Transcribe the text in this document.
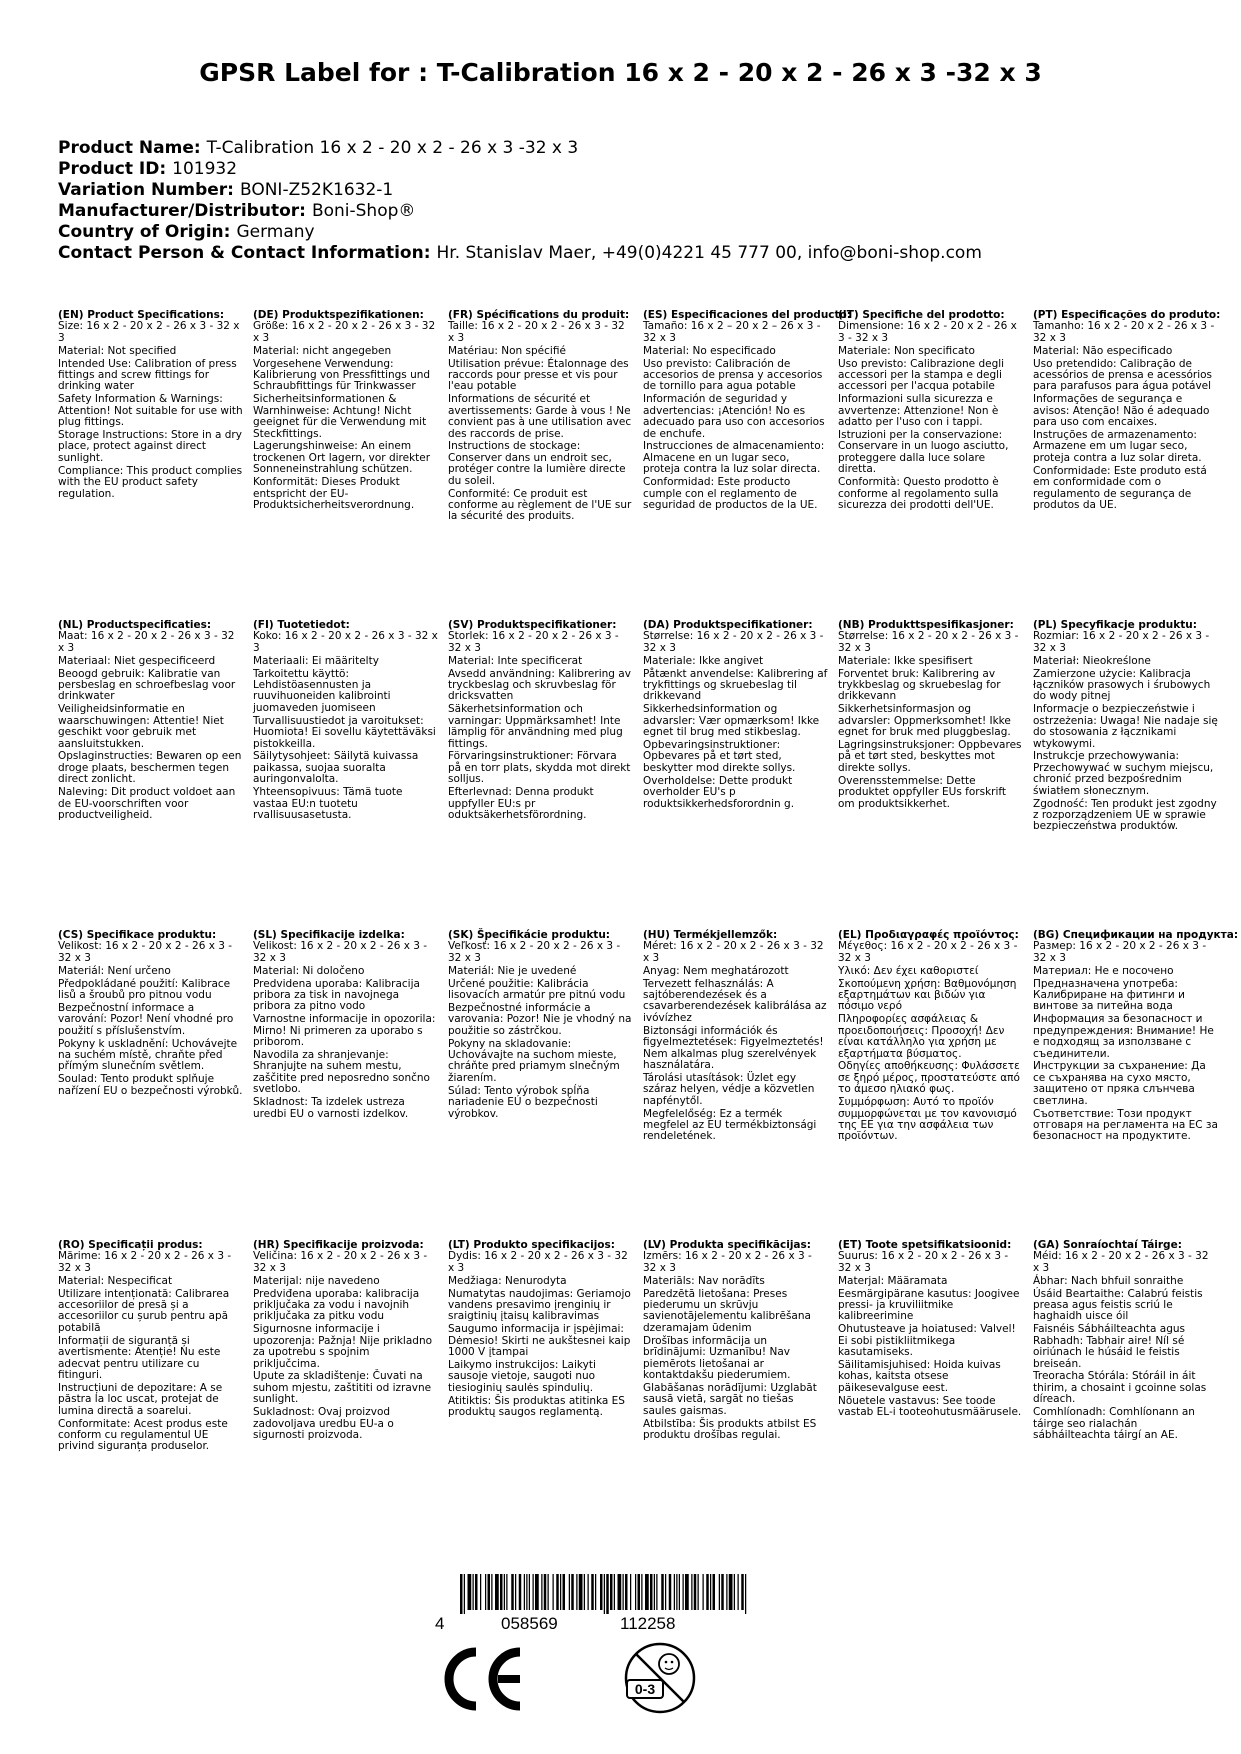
GPSR Label for : T-Calibration 16 x 2 - 20 x 2 - 26 x 3 -32 x 3
Product Name: T-Calibration 16 x 2 - 20 x 2 - 26 x 3 -32 x 3
Product ID: 101932
Variation Number: BONI-Z52K1632-1
Manufacturer/Distributor: Boni-Shop®
Country of Origin: Germany
Contact Person & Contact Information: Hr. Stanislav Maer, +49(0)4221 45 777 00, info@boni-shop.com
(EN) Product Specifications:

Size: 16 x 2 - 20 x 2 - 26 x 3 - 32 x 3

Material: Not specified

Intended Use: Calibration of press fittings and screw fittings for drinking water

Safety Information & Warnings: Attention! Not suitable for use with plug fittings.

Storage Instructions: Store in a dry place, protect against direct sunlight.

Compliance: This product complies with the EU product safety regulation.

(DE) Produktspezifikationen:

Größe: 16 x 2 - 20 x 2 - 26 x 3 - 32 x 3

Material: nicht angegeben

Vorgesehene Verwendung: Kalibrierung von Pressfittings und Schraubfittings für Trinkwasser

Sicherheitsinformationen & Warnhinweise: Achtung! Nicht geeignet für die Verwendung mit Steckfittings.

Lagerungshinweise: An einem trockenen Ort lagern, vor direkter Sonneneinstrahlung schützen.

Konformität: Dieses Produkt entspricht der EU-Produktsicherheitsverordnung.

(FR) Spécifications du produit:

Taille: 16 x 2 - 20 x 2 - 26 x 3 - 32 x 3

Matériau: Non spécifié

Utilisation prévue: Étalonnage des raccords pour presse et vis pour l'eau potable

Informations de sécurité et avertissements: Garde à vous ! Ne convient pas à une utilisation avec des raccords de prise.

Instructions de stockage: Conserver dans un endroit sec, protéger contre la lumière directe du soleil.

Conformité: Ce produit est conforme au règlement de l'UE sur la sécurité des produits.

(ES) Especificaciones del producto:

Tamaño: 16 x 2 – 20 x 2 – 26 x 3 - 32 x 3

Material: No especificado

Uso previsto: Calibración de accesorios de prensa y accesorios de tornillo para agua potable

Información de seguridad y advertencias: ¡Atención! No es adecuado para uso con accesorios de enchufe.

Instrucciones de almacenamiento: Almacene en un lugar seco, proteja contra la luz solar directa.

Conformidad: Este producto cumple con el reglamento de seguridad de productos de la UE.

(IT) Specifiche del prodotto:

Dimensione: 16 x 2 - 20 x 2 - 26 x 3 - 32 x 3

Materiale: Non specificato

Uso previsto: Calibrazione degli accessori per la stampa e degli accessori per l'acqua potabile

Informazioni sulla sicurezza e avvertenze: Attenzione! Non è adatto per l'uso con i tappi.

Istruzioni per la conservazione: Conservare in un luogo asciutto, proteggere dalla luce solare diretta.

Conformità: Questo prodotto è conforme al regolamento sulla sicurezza dei prodotti dell'UE.

(PT) Especificações do produto:

Tamanho: 16 x 2 - 20 x 2 - 26 x 3 - 32 x 3

Material: Não especificado

Uso pretendido: Calibração de acessórios de prensa e acessórios para parafusos para água potável

Informações de segurança e avisos: Atenção! Não é adequado para uso com encaixes.

Instruções de armazenamento: Armazene em um lugar seco, proteja contra a luz solar direta.

Conformidade: Este produto está em conformidade com o regulamento de segurança de produtos da UE.

(NL) Productspecificaties:

Maat: 16 x 2 - 20 x 2 - 26 x 3 - 32 x 3

Materiaal: Niet gespecificeerd

Beoogd gebruik: Kalibratie van persbeslag en schroefbeslag voor drinkwater

Veiligheidsinformatie en waarschuwingen: Attentie! Niet geschikt voor gebruik met aansluitstukken.

Opslaginstructies: Bewaren op een droge plaats, beschermen tegen direct zonlicht.

Naleving: Dit product voldoet aan de EU-voorschriften voor productveiligheid.

(FI) Tuotetiedot:

Koko: 16 x 2 - 20 x 2 - 26 x 3 - 32 x 3

Materiaali: Ei määritelty

Tarkoitettu käyttö: Lehdistöasennusten ja ruuvihuoneiden kalibrointi juomaveden juomiseen

Turvallisuustiedot ja varoitukset: Huomiota! Ei sovellu käytettäväksi pistokkeilla.

Säilytysohjeet: Säilytä kuivassa paikassa, suojaa suoralta auringonvalolta.

Yhteensopivuus: Tämä tuote vastaa EU:n tuotetu rvallisuusasetusta.

(SV) Produktspecifikationer:

Storlek: 16 x 2 - 20 x 2 - 26 x 3 - 32 x 3

Material: Inte specificerat

Avsedd användning: Kalibrering av tryckbeslag och skruvbeslag för dricksvatten

Säkerhetsinformation och varningar: Uppmärksamhet! Inte lämplig för användning med plug fittings.

Förvaringsinstruktioner: Förvara på en torr plats, skydda mot direkt solljus.

Efterlevnad: Denna produkt uppfyller EU:s pr oduktsäkerhetsförordning.

(DA) Produktspecifikationer:

Størrelse: 16 x 2 - 20 x 2 - 26 x 3 - 32 x 3

Materiale: Ikke angivet

Påtænkt anvendelse: Kalibrering af trykfittings og skruebeslag til drikkevand

Sikkerhedsinformation og advarsler: Vær opmærksom! Ikke egnet til brug med stikbeslag.

Opbevaringsinstruktioner: Opbevares på et tørt sted, beskytter mod direkte sollys.

Overholdelse: Dette produkt overholder EU's p roduktsikkerhedsforordnin g.

(NB) Produkttspesifikasjoner:

Størrelse: 16 x 2 - 20 x 2 - 26 x 3 - 32 x 3

Materiale: Ikke spesifisert

Forventet bruk: Kalibrering av trykkbeslag og skruebeslag for drikkevann

Sikkerhetsinformasjon og advarsler: Oppmerksomhet! Ikke egnet for bruk med pluggbeslag.

Lagringsinstruksjoner: Oppbevares på et tørt sted, beskyttes mot direkte sollys.

Overensstemmelse: Dette produktet oppfyller EUs forskrift om produktsikkerhet.

(PL) Specyfikacje produktu:

Rozmiar: 16 x 2 - 20 x 2 - 26 x 3 - 32 x 3

Materiał: Nieokreślone

Zamierzone użycie: Kalibracja łączników prasowych i śrubowych do wody pitnej

Informacje o bezpieczeństwie i ostrzeżenia: Uwaga! Nie nadaje się do stosowania z łącznikami wtykowymi.

Instrukcje przechowywania: Przechowywać w suchym miejscu, chronić przed bezpośrednim światłem słonecznym.

Zgodność: Ten produkt jest zgodny z rozporządzeniem UE w sprawie bezpieczeństwa produktów.

(CS) Specifikace produktu:

Velikost: 16 x 2 - 20 x 2 - 26 x 3 - 32 x 3

Materiál: Není určeno

Předpokládané použití: Kalibrace lisů a šroubů pro pitnou vodu

Bezpečnostní informace a varování: Pozor! Není vhodné pro použití s příslušenstvím.

Pokyny k uskladnění: Uchovávejte na suchém místě, chraňte před přímým slunečním světlem.

Soulad: Tento produkt splňuje nařízení EU o bezpečnosti výrobků.

(SL) Specifikacije izdelka:

Velikost: 16 x 2 - 20 x 2 - 26 x 3 - 32 x 3

Material: Ni določeno

Predvidena uporaba: Kalibracija pribora za tisk in navojnega pribora za pitno vodo

Varnostne informacije in opozorila: Mirno! Ni primeren za uporabo s priborom.

Navodila za shranjevanje: Shranjujte na suhem mestu, zaščitite pred neposredno sončno svetlobo.

Skladnost: Ta izdelek ustreza uredbi EU o varnosti izdelkov.

(SK) Špecifikácie produktu:

Veľkosť: 16 x 2 - 20 x 2 - 26 x 3 - 32 x 3

Materiál: Nie je uvedené

Určené použitie: Kalibrácia lisovacích armatúr pre pitnú vodu

Bezpečnostné informácie a varovania: Pozor! Nie je vhodný na použitie so zástrčkou.

Pokyny na skladovanie: Uchovávajte na suchom mieste, chráňte pred priamym slnečným žiarením.

Súlad: Tento výrobok spĺňa nariadenie EÚ o bezpečnosti výrobkov.

(HU) Termékjellemzők:

Méret: 16 x 2 - 20 x 2 - 26 x 3 - 32 x 3

Anyag: Nem meghatározott

Tervezett felhasználás: A sajtóberendezések és a csavarberendezések kalibrálása az ivóvízhez

Biztonsági információk és figyelmeztetések: Figyelmeztetés! Nem alkalmas plug szerelvények használatára.

Tárolási utasítások: Üzlet egy száraz helyen, védje a közvetlen napfénytől.

Megfelelőség: Ez a termék megfelel az EU termékbiztonsági rendeletének.

(EL) Προδιαγραφές προϊόντος:

Μέγεθος: 16 x 2 - 20 x 2 - 26 x 3 - 32 x 3

Υλικό: Δεν έχει καθοριστεί

Σκοπούμενη χρήση: Βαθμονόμηση εξαρτημάτων και βιδών για πόσιμο νερό

Πληροφορίες ασφάλειας & προειδοποιήσεις: Προσοχή! Δεν είναι κατάλληλο για χρήση με εξαρτήματα βύσματος.

Οδηγίες αποθήκευσης: Φυλάσσετε σε ξηρό μέρος, προστατεύστε από το άμεσο ηλιακό φως.

Συμμόρφωση: Αυτό το προϊόν συμμορφώνεται με τον κανονισμό της ΕΕ για την ασφάλεια των προϊόντων.

(BG) Спецификации на продукта:

Размер: 16 x 2 - 20 x 2 - 26 x 3 - 32 x 3

Материал: Не е посочено

Предназначена употреба: Калибриране на фитинги и винтове за питейна вода

Информация за безопасност и предупреждения: Внимание! Не е подходящ за използване с съединители.

Инструкции за съхранение: Да се съхранява на сухо място, защитено от пряка слънчева светлина.

Съответствие: Този продукт отговаря на регламента на ЕС за безопасност на продуктите.

(RO) Specificații produs:

Mărime: 16 x 2 - 20 x 2 - 26 x 3 - 32 x 3

Material: Nespecificat

Utilizare intenționată: Calibrarea accesoriilor de presă și a accesoriilor cu șurub pentru apă potabilă

Informații de siguranță și avertismente: Atenție! Nu este adecvat pentru utilizare cu fitinguri.

Instrucțiuni de depozitare: A se păstra la loc uscat, protejat de lumina directă a soarelui.

Conformitate: Acest produs este conform cu regulamentul UE privind siguranța produselor.

(HR) Specifikacije proizvoda:

Veličina: 16 x 2 - 20 x 2 - 26 x 3 - 32 x 3

Materijal: nije navedeno

Predviđena uporaba: kalibracija priključaka za vodu i navojnih priključaka za pitku vodu

Sigurnosne informacije i upozorenja: Pažnja! Nije prikladno za upotrebu s spojnim priključcima.

Upute za skladištenje: Čuvati na suhom mjestu, zaštititi od izravne sunlight.

Sukladnost: Ovaj proizvod zadovoljava uredbu EU-a o sigurnosti proizvoda.

(LT) Produkto specifikacijos:

Dydis: 16 x 2 - 20 x 2 - 26 x 3 - 32 x 3

Medžiaga: Nenurodyta

Numatytas naudojimas: Geriamojo vandens presavimo įrenginių ir sraigtinių įtaisų kalibravimas

Saugumo informacija ir įspėjimai: Dėmesio! Skirti ne aukštesnei kaip 1000 V įtampai

Laikymo instrukcijos: Laikyti sausoje vietoje, saugoti nuo tiesioginių saulės spindulių.

Atitiktis: Šis produktas atitinka ES produktų saugos reglamentą.

(LV) Produkta specifikācijas:

Izmērs: 16 x 2 - 20 x 2 - 26 x 3 - 32 x 3

Materiāls: Nav norādīts

Paredzētā lietošana: Preses piederumu un skrūvju savienotājelementu kalibrēšana dzeramajam ūdenim

Drošības informācija un brīdinājumi: Uzmanību! Nav piemērots lietošanai ar kontaktdakšu piederumiem.

Glabāšanas norādījumi: Uzglabāt sausā vietā, sargāt no tiešas saules gaismas.

Atbilstība: Šis produkts atbilst ES produktu drošības regulai.

(ET) Toote spetsifikatsioonid:

Suurus: 16 x 2 - 20 x 2 - 26 x 3 - 32 x 3

Materjal: Määramata

Eesmärgipärane kasutus: Joogivee pressi- ja kruviliitmike kalibreerimine

Ohutusteave ja hoiatused: Valvel! Ei sobi pistikliitmikega kasutamiseks.

Säilitamisjuhised: Hoida kuivas kohas, kaitsta otsese päikesevalguse eest.

Nõuetele vastavus: See toode vastab EL-i tooteohutusmäärusele.

(GA) Sonraíochtaí Táirge:

Méid: 16 x 2 - 20 x 2 - 26 x 3 - 32 x 3

Ábhar: Nach bhfuil sonraithe

Úsáid Beartaithe: Calabrú feistis preasa agus feistis scriú le haghaidh uisce óil

Faisnéis Sábháilteachta agus Rabhadh: Tabhair aire! Níl sé oiriúnach le húsáid le feistis breiseán.

Treoracha Stórála: Stóráil in áit thirim, a chosaint i gcoinne solas díreach.

Comhlíonadh: Comhlíonann an táirge seo rialachán sábháilteachta táirgí an AE.

4	058569	112258
0-3
